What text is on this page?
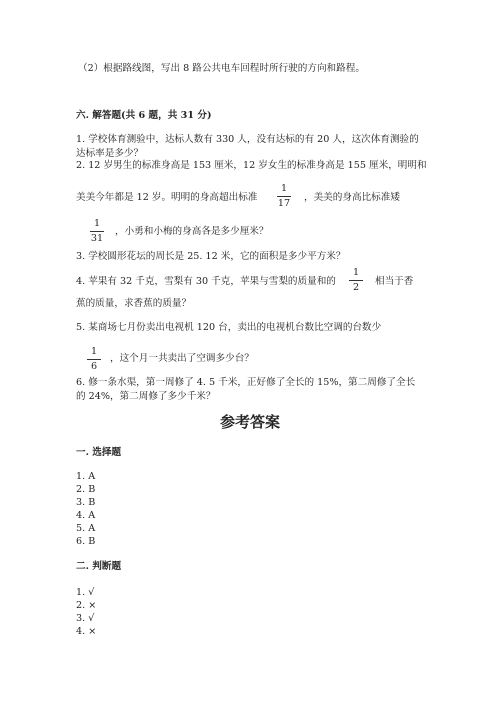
（2）根据路线图，写出 8 路公共电车回程时所行驶的方向和路程。
六. 解答题(共 6 题，共 31 分)
1. 学校体育测验中，达标人数有 330 人，没有达标的有 20 人，这次体育测验的
达标率是多少？
2. 12 岁男生的标准身高是 153 厘米，12 岁女生的标准身高是 155 厘米，明明和
美美今年都是 12 岁。明明的身高超出标准
1
17
，美美的身高比标准矮
1
31
，小勇和小梅的身高各是多少厘米？
3. 学校圆形花坛的周长是 25. 12 米，它的面积是多少平方米？
4. 苹果有 32 千克，雪梨有 30 千克，苹果与雪梨的质量和的
1
2
相当于香
蕉的质量，求香蕉的质量？
5. 某商场七月份卖出电视机 120 台，卖出的电视机台数比空调的台数少
1
6
，这个月一共卖出了空调多少台？
6. 修一条水渠，第一周修了 4. 5 千米，正好修了全长的 15%，第二周修了全长
的 24%，第二周修了多少千米？
参考答案
一. 选择题
1. A
2. B
3. B
4. A
5. A
6. B
二. 判断题
1. √
2. ×
3. √
4. ×
